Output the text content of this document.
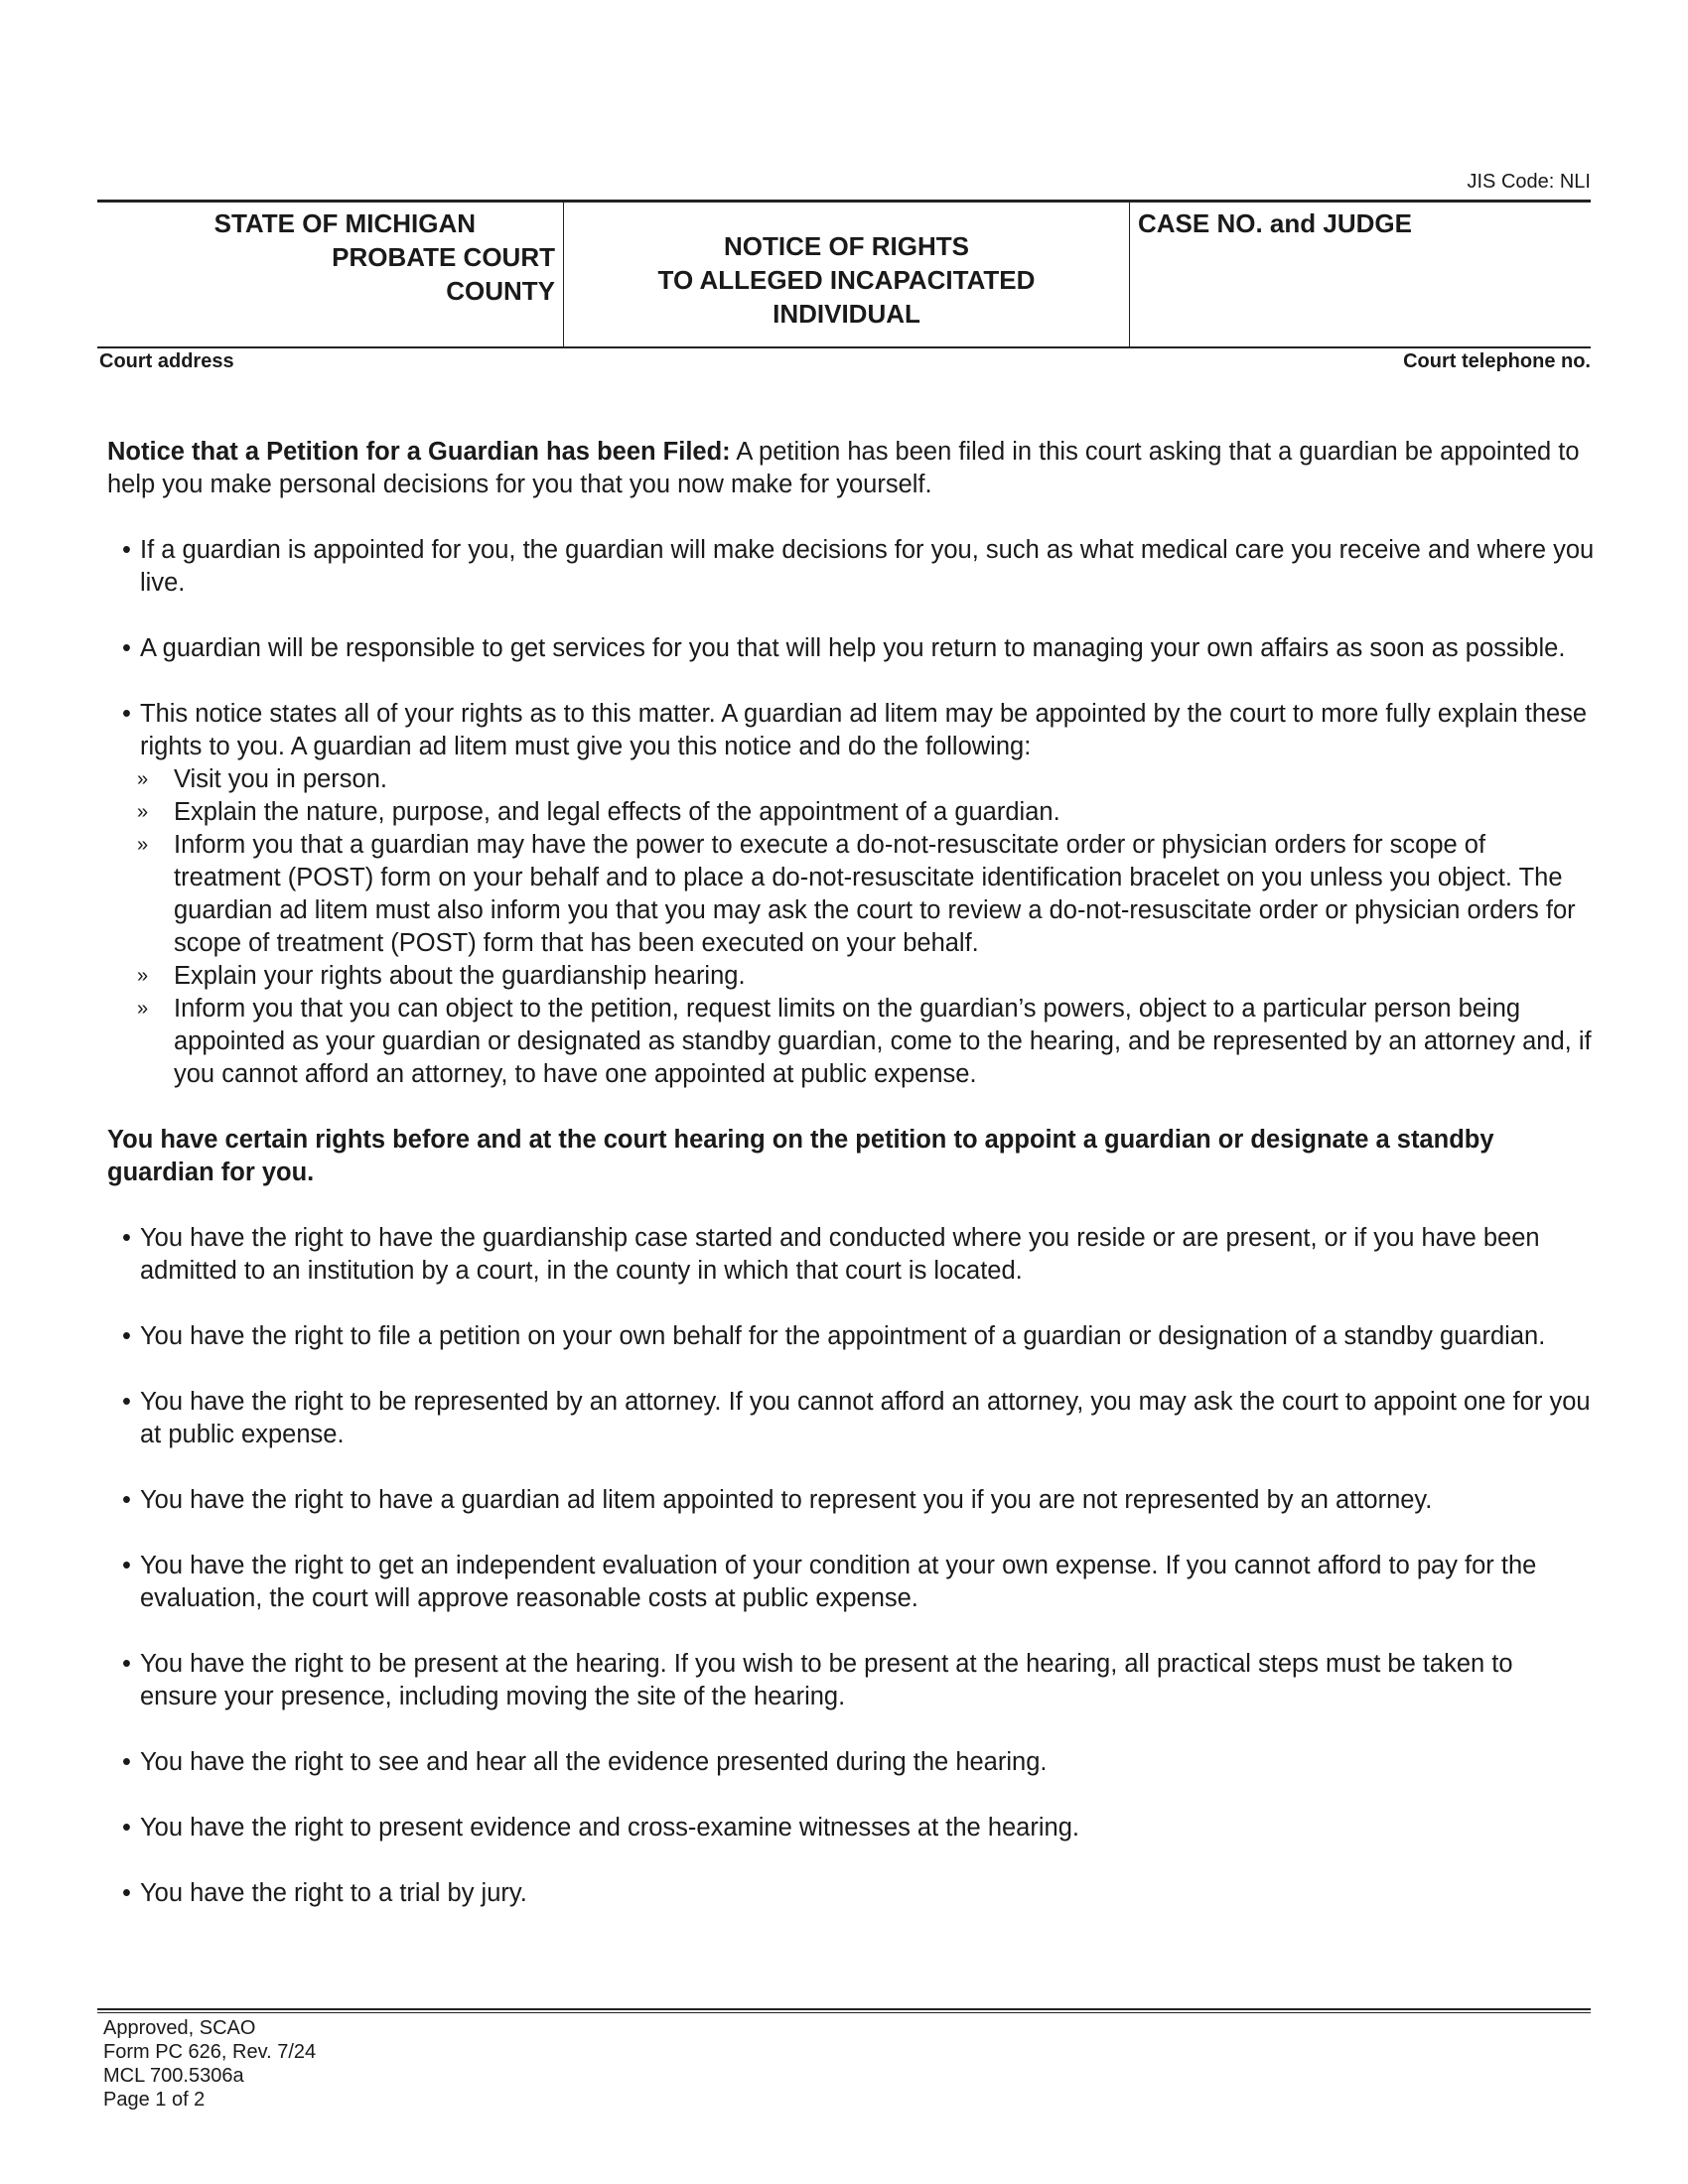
JIS Code: NLI
STATE OF MICHIGAN
PROBATE COURT
COUNTY
NOTICE OF RIGHTS
TO ALLEGED INCAPACITATED
INDIVIDUAL
CASE NO. and JUDGE
Court address	Court telephone no.

Notice that a Petition for a Guardian has been Filed: A petition has been filed in this court asking that a guardian be appointed to help you make personal decisions for you that you now make for yourself.

• If a guardian is appointed for you, the guardian will make decisions for you, such as what medical care you receive and where you live.
• A guardian will be responsible to get services for you that will help you return to managing your own affairs as soon as possible.
• This notice states all of your rights as to this matter. A guardian ad litem may be appointed by the court to more fully explain these rights to you. A guardian ad litem must give you this notice and do the following:
» Visit you in person.
» Explain the nature, purpose, and legal effects of the appointment of a guardian.
» Inform you that a guardian may have the power to execute a do-not-resuscitate order or physician orders for scope of treatment (POST) form on your behalf and to place a do-not-resuscitate identification bracelet on you unless you object. The guardian ad litem must also inform you that you may ask the court to review a do-not-resuscitate order or physician orders for scope of treatment (POST) form that has been executed on your behalf.
» Explain your rights about the guardianship hearing.
» Inform you that you can object to the petition, request limits on the guardian’s powers, object to a particular person being appointed as your guardian or designated as standby guardian, come to the hearing, and be represented by an attorney and, if you cannot afford an attorney, to have one appointed at public expense.

You have certain rights before and at the court hearing on the petition to appoint a guardian or designate a standby guardian for you.

• You have the right to have the guardianship case started and conducted where you reside or are present, or if you have been admitted to an institution by a court, in the county in which that court is located.
• You have the right to file a petition on your own behalf for the appointment of a guardian or designation of a standby guardian.
• You have the right to be represented by an attorney. If you cannot afford an attorney, you may ask the court to appoint one for you at public expense.
• You have the right to have a guardian ad litem appointed to represent you if you are not represented by an attorney.
• You have the right to get an independent evaluation of your condition at your own expense. If you cannot afford to pay for the evaluation, the court will approve reasonable costs at public expense.
• You have the right to be present at the hearing. If you wish to be present at the hearing, all practical steps must be taken to ensure your presence, including moving the site of the hearing.
• You have the right to see and hear all the evidence presented during the hearing.
• You have the right to present evidence and cross-examine witnesses at the hearing.
• You have the right to a trial by jury.
Approved, SCAO
Form PC 626, Rev. 7/24
MCL 700.5306a
Page 1 of 2
